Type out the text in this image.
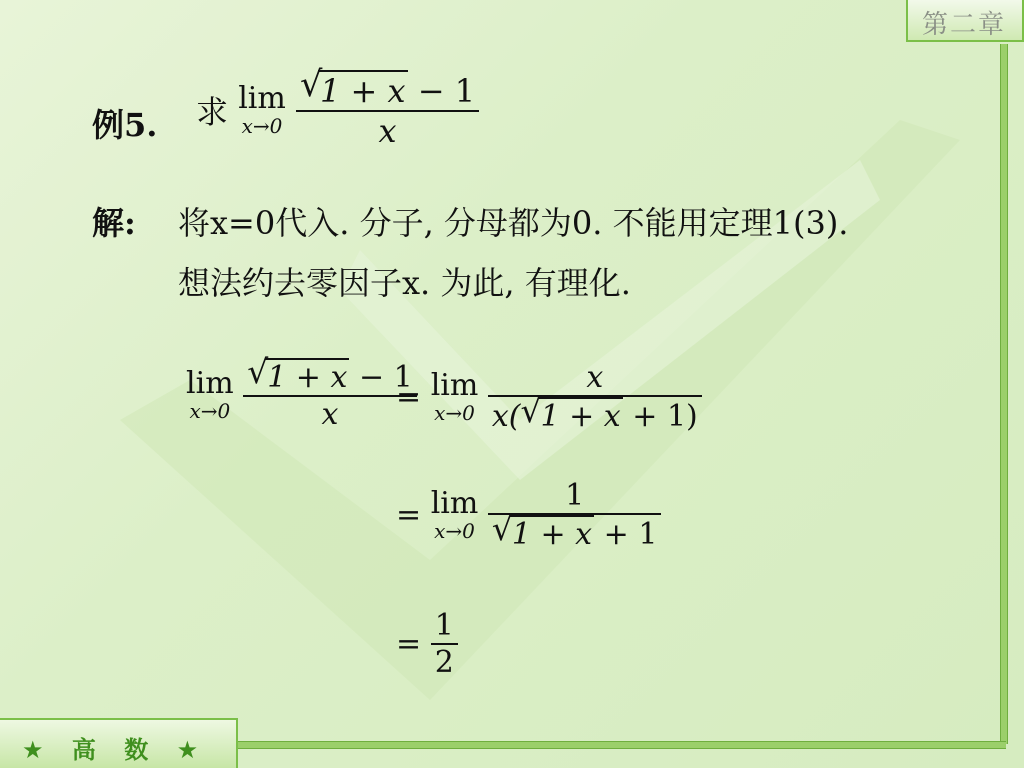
第二章
★ 高 数 ★
例5. 求 lim
x→0
√ $\frac{1 + x - 1}{x}$
解: 将x=0代入. 分子, 分母都为0. 不能用定理1(3).
想法约去零因子x. 为此, 有理化.
lim
x→0
√ $\frac{1 + x - 1}{x}$
= lim
x→0
$\frac{x}{x( √ 1 + x + 1)}$
= lim
x→0
1
√ 1 + x + 1
= $\frac{1}{2}$
